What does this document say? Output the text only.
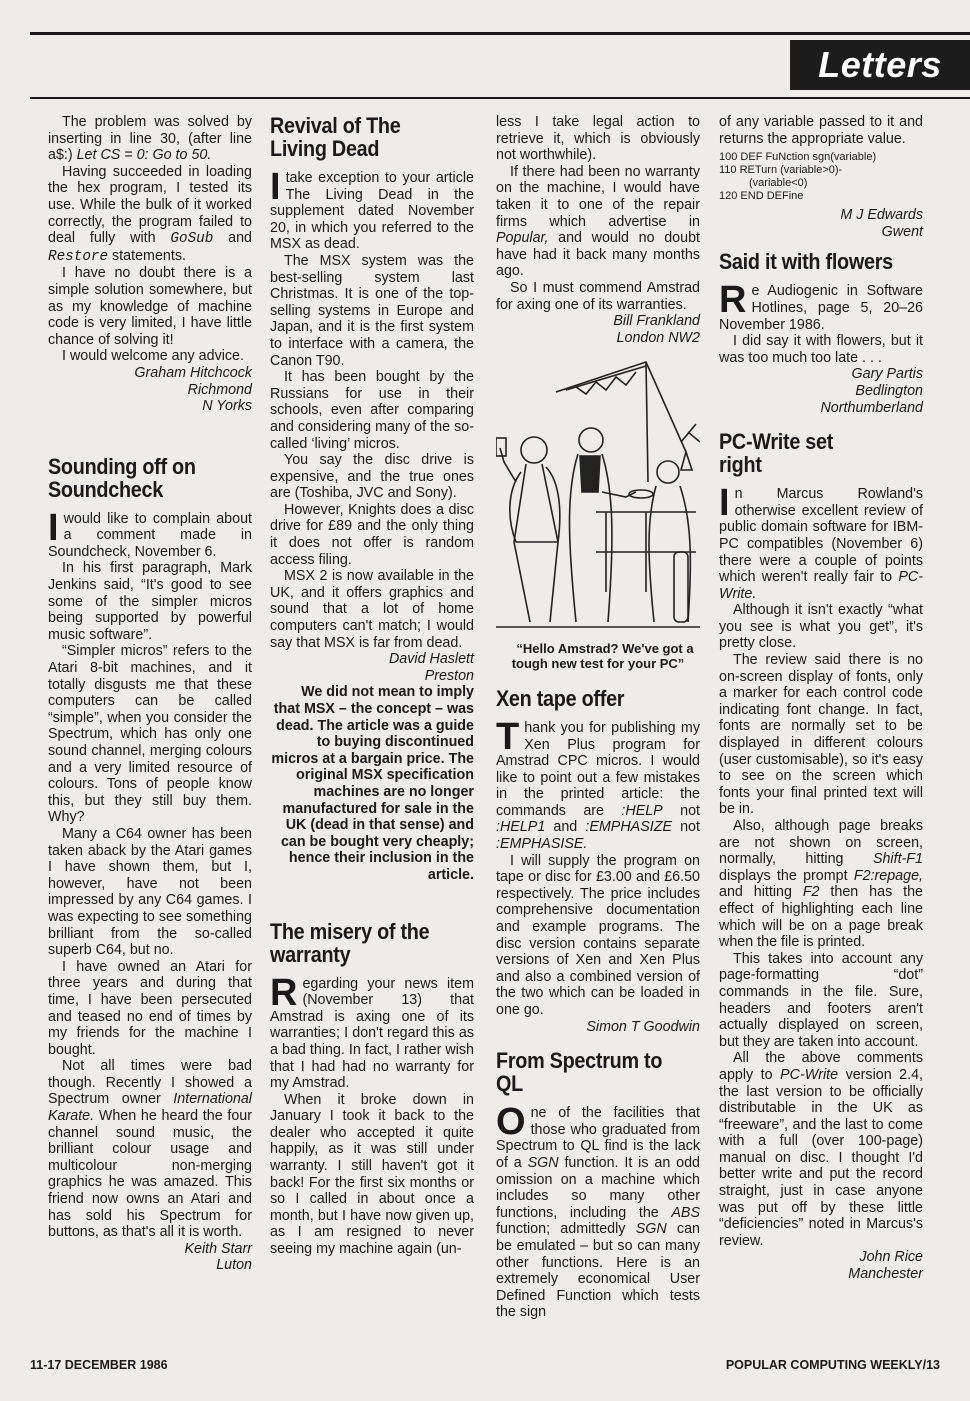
Letters

The problem was solved by inserting in line 30, (after line a$:) Let CS = 0: Go to 50.

Having succeeded in loading the hex program, I tested its use. While the bulk of it worked correctly, the program failed to deal fully with GoSub and Restore statements.

I have no doubt there is a simple solution somewhere, but as my knowledge of machine code is very limited, I have little chance of solving it!

I would welcome any advice.

Graham Hitchcock
Richmond
N Yorks
Sounding off on Soundcheck

Iwould like to complain about a comment made in Soundcheck, November 6.

In his first paragraph, Mark Jenkins said, “It's good to see some of the simpler micros being supported by powerful music software”.

“Simpler micros” refers to the Atari 8-bit machines, and it totally disgusts me that these computers can be called “simple”, when you consider the Spectrum, which has only one sound channel, merging colours and a very limited resource of colours. Tons of people know this, but they still buy them. Why?

Many a C64 owner has been taken aback by the Atari games I have shown them, but I, however, have not been impressed by any C64 games. I was expecting to see something brilliant from the so-called superb C64, but no.

I have owned an Atari for three years and during that time, I have been persecuted and teased no end of times by my friends for the machine I bought.

Not all times were bad though. Recently I showed a Spectrum owner International Karate. When he heard the four channel sound music, the brilliant colour usage and multicolour non-merging graphics he was amazed. This friend now owns an Atari and has sold his Spectrum for buttons, as that's all it is worth.

Keith Starr
Luton
Revival of The Living Dead

Itake exception to your article The Living Dead in the supplement dated November 20, in which you referred to the MSX as dead.

The MSX system was the best-selling system last Christmas. It is one of the top-selling systems in Europe and Japan, and it is the first system to interface with a camera, the Canon T90.

It has been bought by the Russians for use in their schools, even after comparing and considering many of the so-called ‘living’ micros.

You say the disc drive is expensive, and the true ones are (Toshiba, JVC and Sony).

However, Knights does a disc drive for £89 and the only thing it does not offer is random access filing.

MSX 2 is now available in the UK, and it offers graphics and sound that a lot of home computers can't match; I would say that MSX is far from dead.

David Haslett
Preston

We did not mean to imply that MSX – the concept – was dead. The article was a guide to buying discontinued micros at a bargain price. The original MSX specification machines are no longer manufactured for sale in the UK (dead in that sense) and can be bought very cheaply; hence their inclusion in the article.

The misery of the warranty

Regarding your news item (November 13) that Amstrad is axing one of its warranties; I don't regard this as a bad thing. In fact, I rather wish that I had had no warranty for my Amstrad.

When it broke down in January I took it back to the dealer who accepted it quite happily, as it was still under warranty. I still haven't got it back! For the first six months or so I called in about once a month, but I have now given up, as I am resigned to never seeing my machine again (un-

less I take legal action to retrieve it, which is obviously not worthwhile).

If there had been no warranty on the machine, I would have taken it to one of the repair firms which advertise in Popular, and would no doubt have had it back many months ago.

So I must commend Amstrad for axing one of its warranties.

Bill Frankland
London NW2

“Hello Amstrad? We've got a tough new test for your PC”

Xen tape offer

Thank you for publishing my Xen Plus program for Amstrad CPC micros. I would like to point out a few mistakes in the printed article: the commands are :HELP not :HELP1 and :EMPHASIZE not :EMPHASISE.

I will supply the program on tape or disc for £3.00 and £6.50 respectively. The price includes comprehensive documentation and example programs. The disc version contains separate versions of Xen and Xen Plus and also a combined version of the two which can be loaded in one go.

Simon T Goodwin
From Spectrum to QL

One of the facilities that those who graduated from Spectrum to QL find is the lack of a SGN function. It is an odd omission on a machine which includes so many other functions, including the ABS function; admittedly SGN can be emulated – but so can many other functions. Here is an extremely economical User Defined Function which tests the sign

of any variable passed to it and returns the appropriate value.

100 DEF FuNction sgn(variable)
110 RETurn (variable>0)-
(variable<0)
120 END DEFine
M J Edwards
Gwent
Said it with flowers

Re Audiogenic in Software Hotlines, page 5, 20–26 November 1986.

I did say it with flowers, but it was too much too late . . .

Gary Partis
Bedlington
Northumberland
PC-Write set right

In Marcus Rowland's otherwise excellent review of public domain software for IBM-PC compatibles (November 6) there were a couple of points which weren't really fair to PC-Write.

Although it isn't exactly “what you see is what you get”, it's pretty close.

The review said there is no on-screen display of fonts, only a marker for each control code indicating font change. In fact, fonts are normally set to be displayed in different colours (user customisable), so it's easy to see on the screen which fonts your final printed text will be in.

Also, although page breaks are not shown on screen, normally, hitting Shift-F1 displays the prompt F2:repage, and hitting F2 then has the effect of highlighting each line which will be on a page break when the file is printed.

This takes into account any page-formatting “dot” commands in the file. Sure, headers and footers aren't actually displayed on screen, but they are taken into account.

All the above comments apply to PC-Write version 2.4, the last version to be officially distributable in the UK as “freeware”, and the last to come with a full (over 100-page) manual on disc. I thought I'd better write and put the record straight, just in case anyone was put off by these little “deficiencies” noted in Marcus's review.

John Rice
Manchester
11-17 DECEMBER 1986	POPULAR COMPUTING WEEKLY/13
